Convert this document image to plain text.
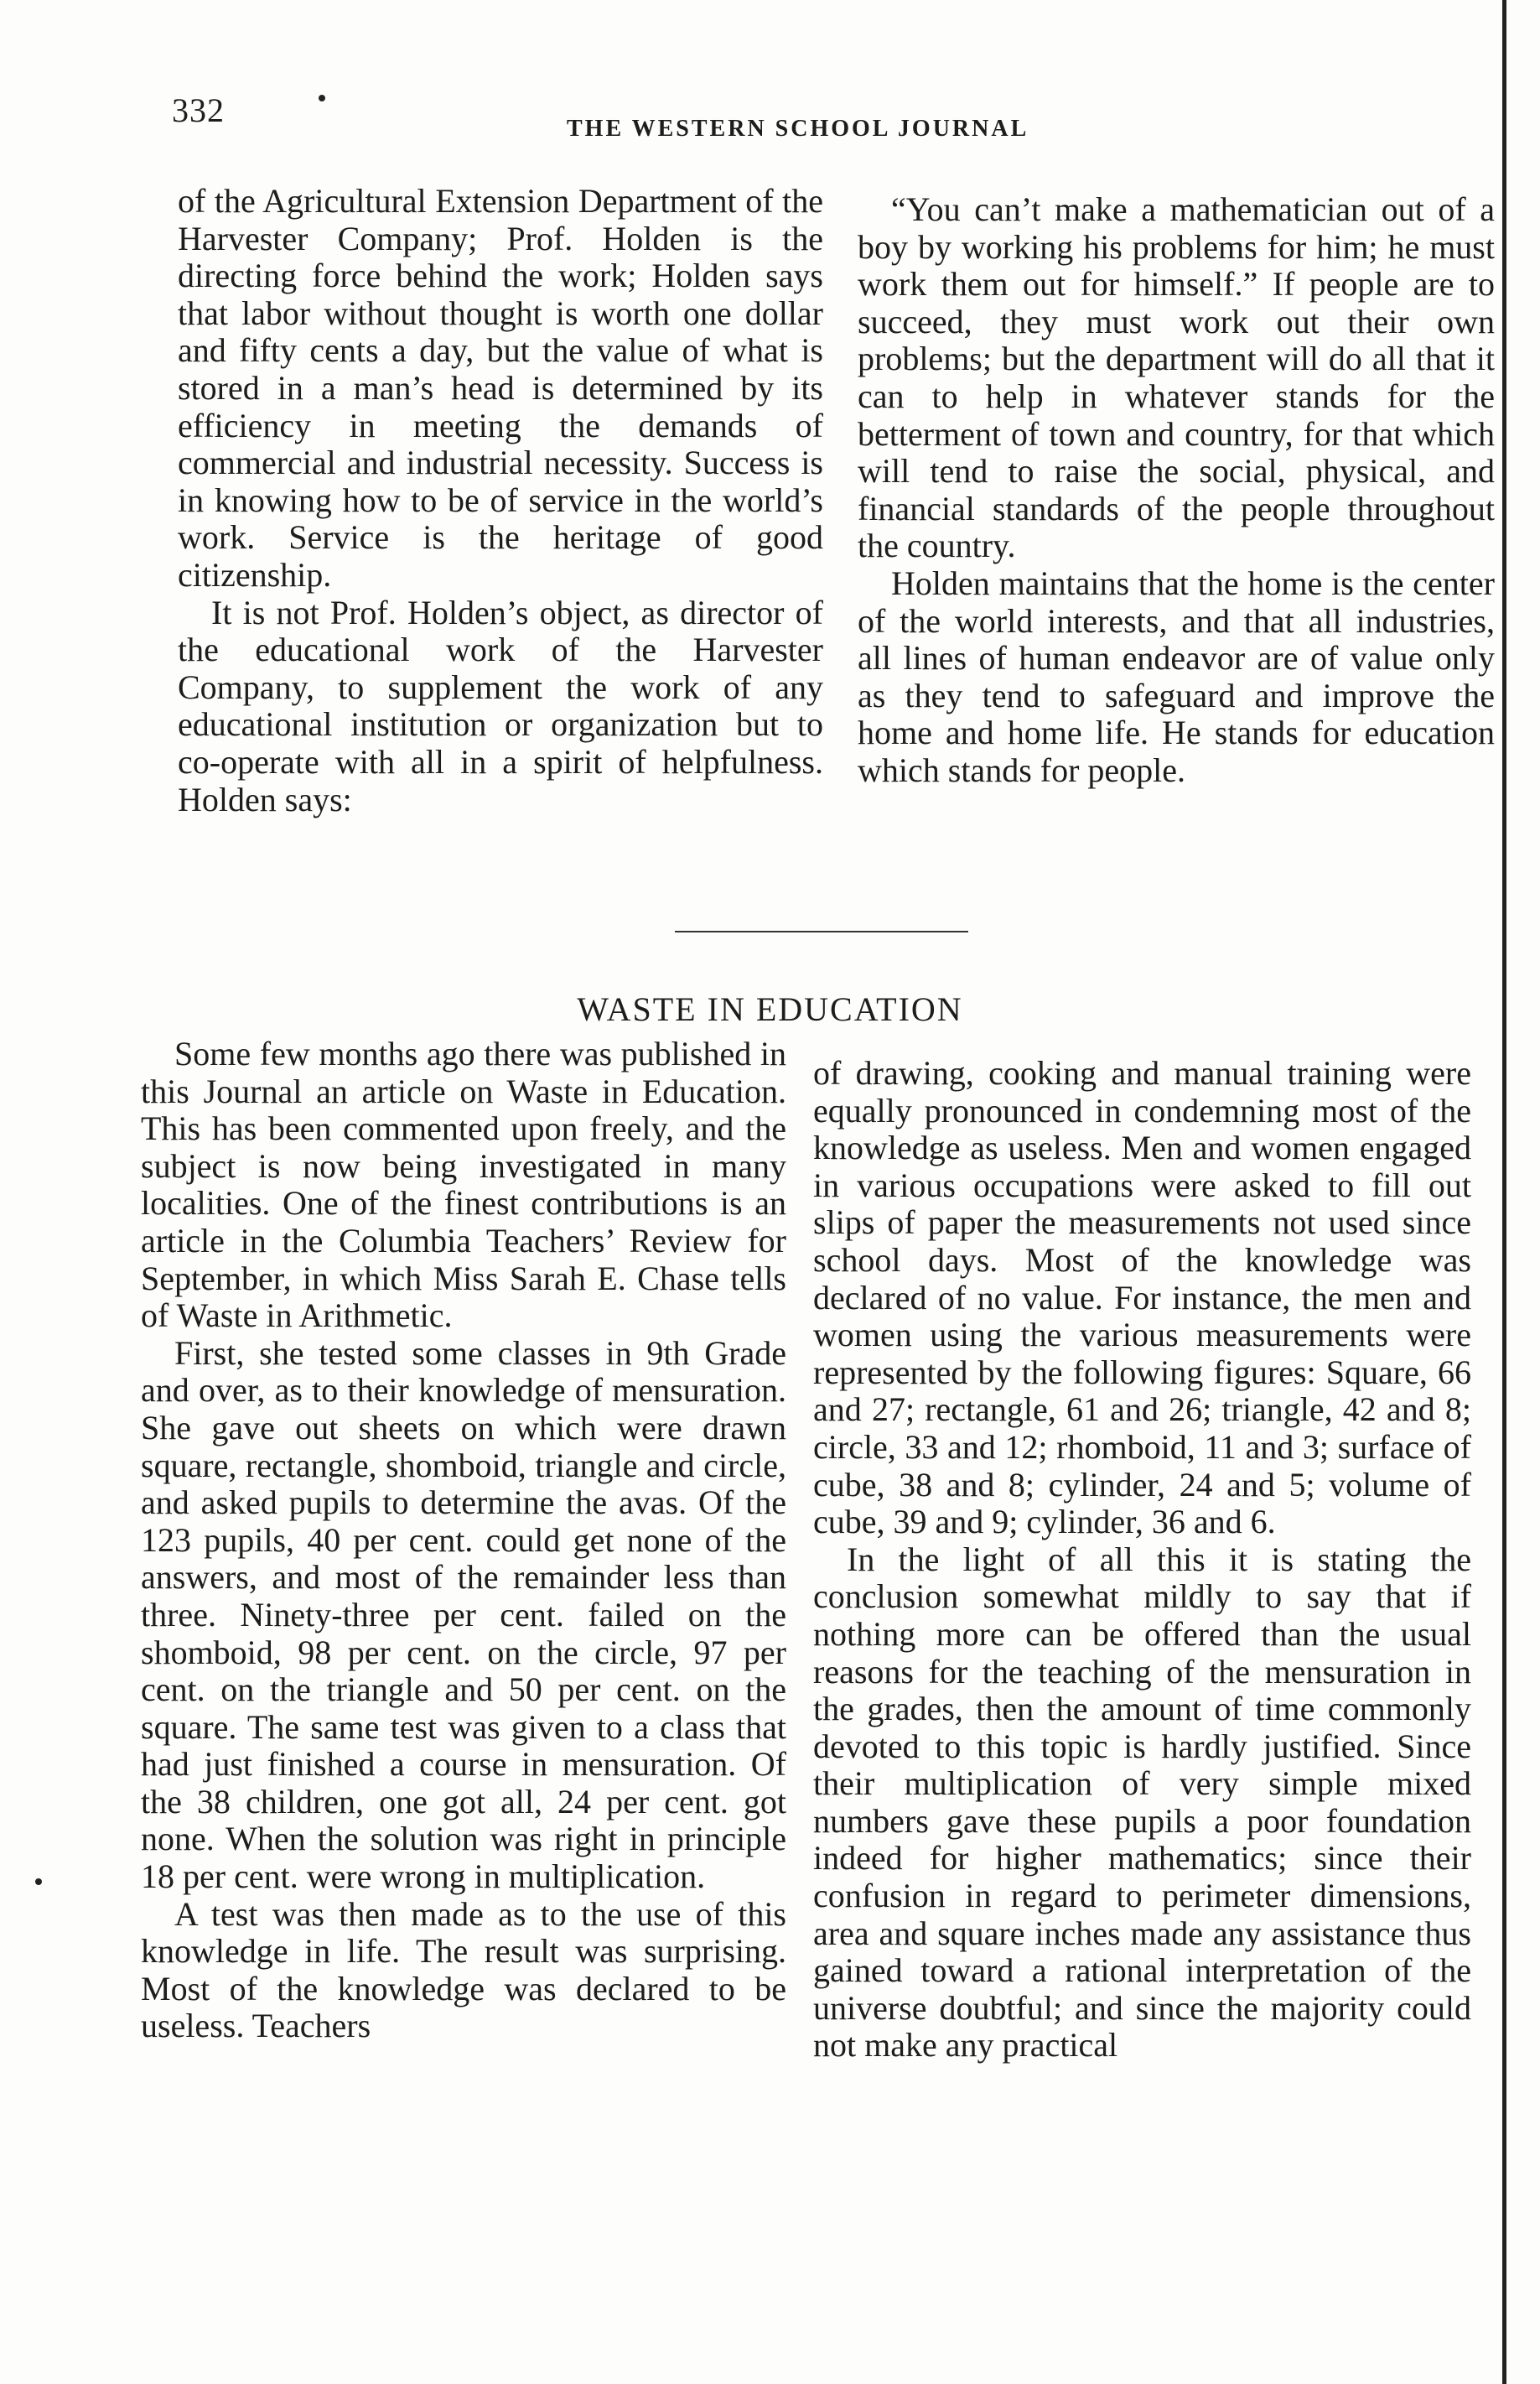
332	THE WESTERN SCHOOL JOURNAL

of the Agricultural Extension Department of the Harvester Company; Prof. Holden is the directing force behind the work; Holden says that labor without thought is worth one dollar and fifty cents a day, but the value of what is stored in a man’s head is determined by its efficiency in meeting the demands of commercial and industrial necessity. Success is in knowing how to be of service in the world’s work. Service is the heritage of good citizenship.

It is not Prof. Holden’s object, as director of the educational work of the Harvester Company, to supplement the work of any educational institution or organization but to co-operate with all in a spirit of helpfulness. Holden says:

“You can’t make a mathematician out of a boy by working his problems for him; he must work them out for himself.” If people are to succeed, they must work out their own problems; but the department will do all that it can to help in whatever stands for the betterment of town and country, for that which will tend to raise the social, physical, and financial standards of the people throughout the country.

Holden maintains that the home is the center of the world interests, and that all industries, all lines of human endeavor are of value only as they tend to safeguard and improve the home and home life. He stands for education which stands for people.

WASTE IN EDUCATION

Some few months ago there was published in this Journal an article on Waste in Education. This has been commented upon freely, and the subject is now being investigated in many localities. One of the finest contributions is an article in the Columbia Teachers’ Review for September, in which Miss Sarah E. Chase tells of Waste in Arithmetic.

First, she tested some classes in 9th Grade and over, as to their knowledge of mensuration. She gave out sheets on which were drawn square, rectangle, shomboid, triangle and circle, and asked pupils to determine the avas. Of the 123 pupils, 40 per cent. could get none of the answers, and most of the remainder less than three. Ninety-three per cent. failed on the shomboid, 98 per cent. on the circle, 97 per cent. on the triangle and 50 per cent. on the square. The same test was given to a class that had just finished a course in mensuration. Of the 38 children, one got all, 24 per cent. got none. When the solution was right in principle 18 per cent. were wrong in multiplication.

A test was then made as to the use of this knowledge in life. The result was surprising. Most of the knowledge was declared to be useless. Teachers

of drawing, cooking and manual training were equally pronounced in condemning most of the knowledge as useless. Men and women engaged in various occupations were asked to fill out slips of paper the measurements not used since school days. Most of the knowledge was declared of no value. For instance, the men and women using the various measurements were represented by the following figures: Square, 66 and 27; rectangle, 61 and 26; triangle, 42 and 8; circle, 33 and 12; rhomboid, 11 and 3; surface of cube, 38 and 8; cylinder, 24 and 5; volume of cube, 39 and 9; cylinder, 36 and 6.

In the light of all this it is stating the conclusion somewhat mildly to say that if nothing more can be offered than the usual reasons for the teaching of the mensuration in the grades, then the amount of time commonly devoted to this topic is hardly justified. Since their multiplication of very simple mixed numbers gave these pupils a poor foundation indeed for higher mathematics; since their confusion in regard to perimeter dimensions, area and square inches made any assistance thus gained toward a rational interpretation of the universe doubtful; and since the majority could not make any practical
